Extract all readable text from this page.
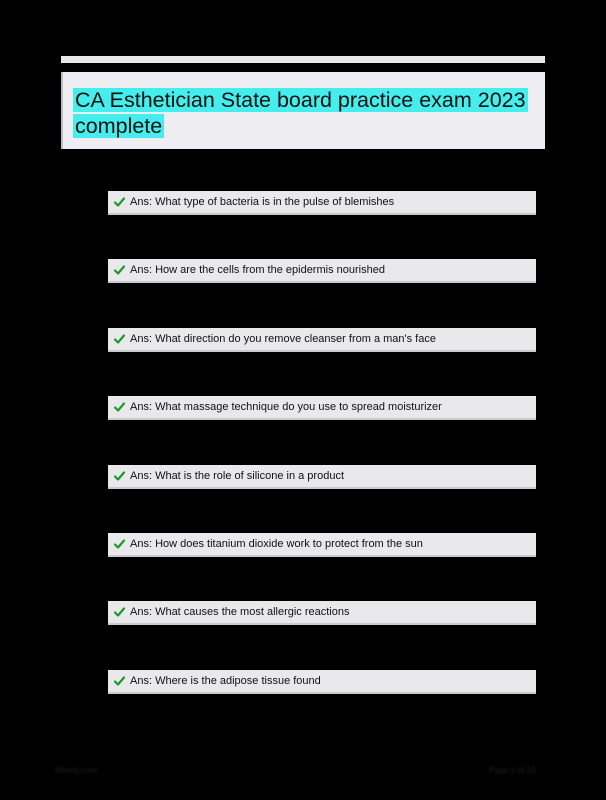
CA Esthetician State board practice exam 2023 complete
Ans: What type of bacteria is in the pulse of blemishes
Ans: How are the cells from the epidermis nourished
Ans: What direction do you remove cleanser from a man's face
Ans: What massage technique do you use to spread moisturizer
Ans: What is the role of silicone in a product
Ans: How does titanium dioxide work to protect from the sun
Ans: What causes the most allergic reactions
Ans: Where is the adipose tissue found
Stuvia.com	Page 1 of 12
